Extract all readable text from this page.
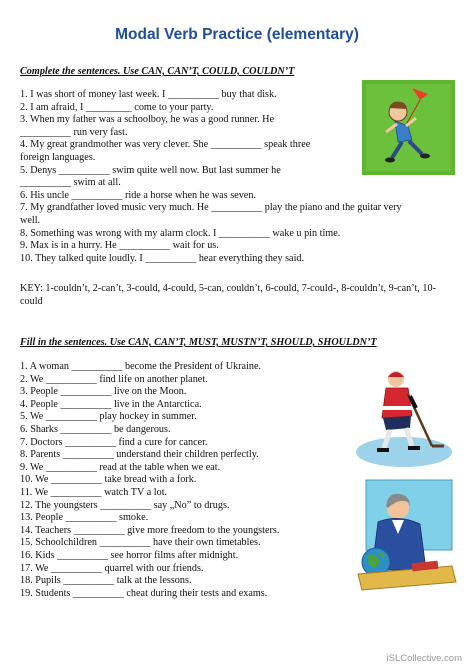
Modal Verb Practice (elementary)
Complete the sentences. Use CAN, CAN’T, COULD, COULDN’T
1. I was short of money last week. I __________ buy that disk.
2. I am afraid, I _________ come to your party.
3. When my father was a schoolboy, he was a good runner. He
__________ run very fast.
4. My great grandmother was very clever. She __________ speak three
foreign languages.
5. Denys __________ swim quite well now. But last summer he
__________ swim at all.
6. His uncle __________ ride a horse when he was seven.
7. My grandfather loved music very much. He __________ play the piano and the guitar very
well.
8. Something was wrong with my alarm clock. I __________ wake u pin time.
9. Max is in a hurry. He __________ wait for us.
10. They talked quite loudly. I __________ hear everything they said.
KEY: 1-couldn’t, 2-can’t, 3-could, 4-could, 5-can, couldn’t, 6-could, 7-could-, 8-couldn’t, 9-can’t, 10-could
Fill in the sentences. Use CAN, CAN’T, MUST, MUSTN’T, SHOULD, SHOULDN’T
1. A woman __________ become the President of Ukraine.
2. We __________ find life on another planet.
3. People __________ live on the Moon.
4. People __________ live in the Antarctica.
5. We __________ play hockey in summer.
6. Sharks __________ be dangerous.
7. Doctors __________ find a cure for cancer.
8. Parents __________ understand their children perfectly.
9. We __________ read at the table when we eat.
10. We __________ take bread with a fork.
11. We __________ watch TV a lot.
12. The youngsters __________ say „No” to drugs.
13. People __________ smoke.
14. Teachers __________ give more freedom to the youngsters.
15. Schoolchildren __________ have their own timetables.
16. Kids __________ see horror films after midnight.
17. We __________ quarrel with our friends.
18. Pupils __________ talk at the lessons.
19. Students __________ cheat during their tests and exams.
iSLCollective.com
